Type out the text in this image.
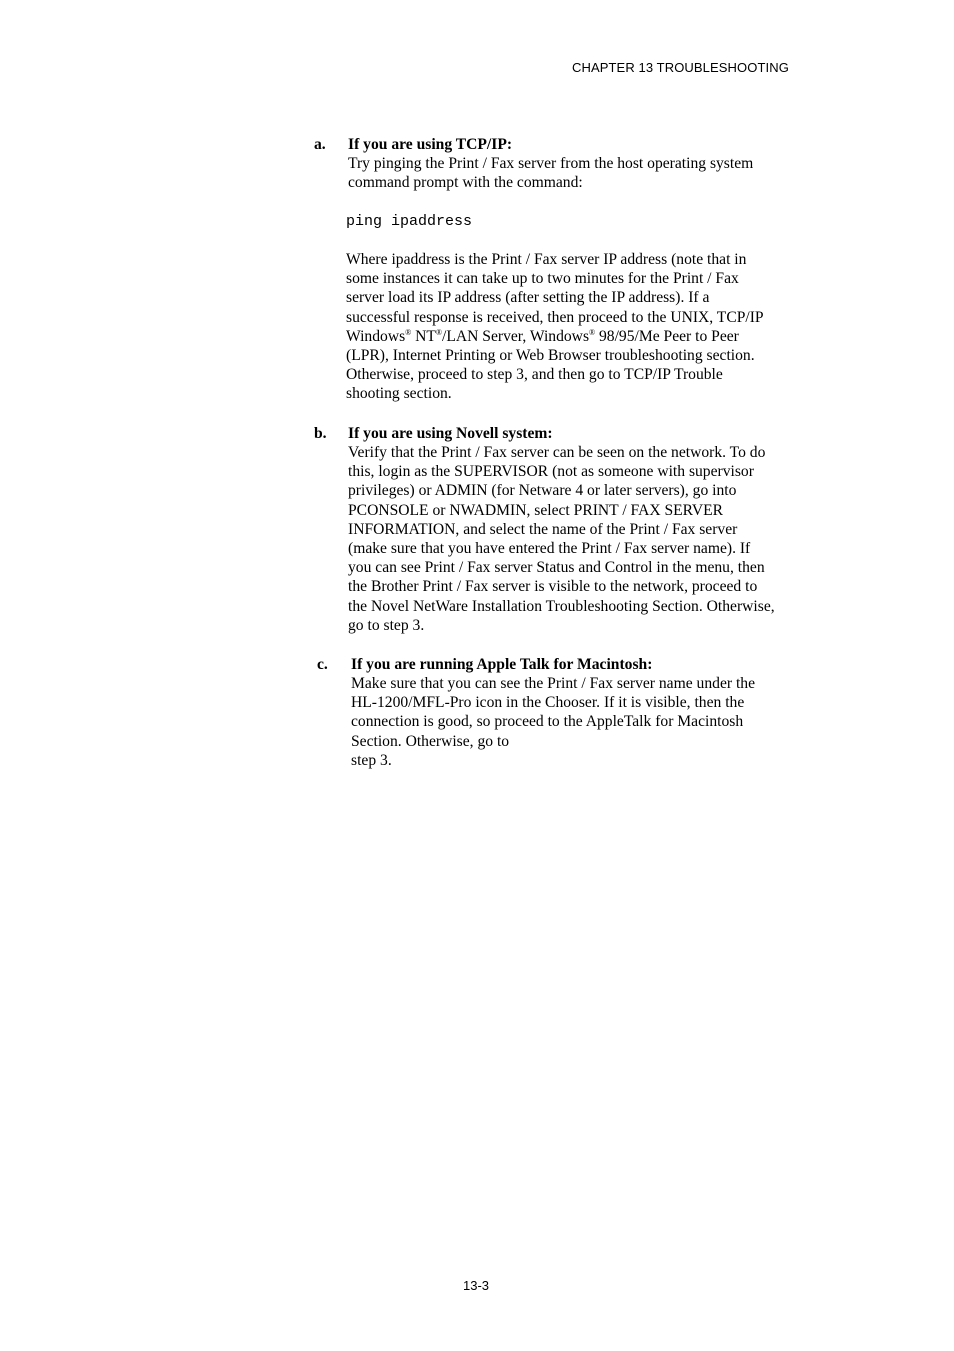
CHAPTER 13 TROUBLESHOOTING
a. If you are using TCP/IP:
Try pinging the Print / Fax server from the host operating system
command prompt with the command:
ping ipaddress
Where ipaddress is the Print / Fax server IP address (note that in
some instances it can take up to two minutes for the Print / Fax
server load its IP address (after setting the IP address). If a
successful response is received, then proceed to the UNIX, TCP/IP
Windows® NT®/LAN Server, Windows® 98/95/Me Peer to Peer
(LPR), Internet Printing or Web Browser troubleshooting section.
Otherwise, proceed to step 3, and then go to TCP/IP Trouble
shooting section.
b. If you are using Novell system:
Verify that the Print / Fax server can be seen on the network. To do
this, login as the SUPERVISOR (not as someone with supervisor
privileges) or ADMIN (for Netware 4 or later servers), go into
PCONSOLE or NWADMIN, select PRINT / FAX SERVER
INFORMATION, and select the name of the Print / Fax server
(make sure that you have entered the Print / Fax server name). If
you can see Print / Fax server Status and Control in the menu, then
the Brother Print / Fax server is visible to the network, proceed to
the Novel NetWare Installation Troubleshooting Section. Otherwise,
go to step 3.
c. If you are running Apple Talk for Macintosh:
Make sure that you can see the Print / Fax server name under the
HL-1200/MFL-Pro icon in the Chooser. If it is visible, then the
connection is good, so proceed to the AppleTalk for Macintosh
Section. Otherwise, go to
step 3.
13-3
